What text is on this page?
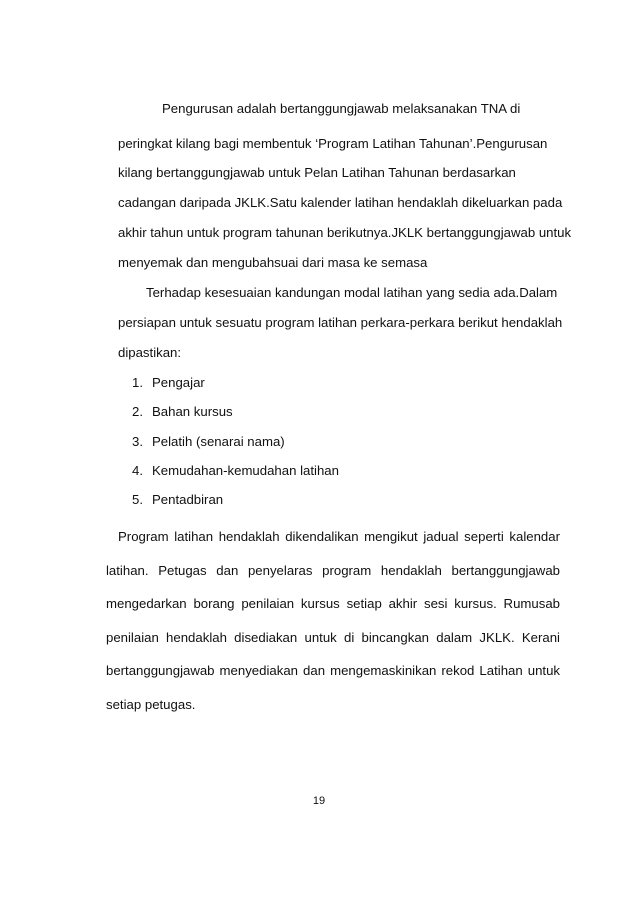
Pengurusan adalah bertanggungjawab melaksanakan TNA di
peringkat kilang bagi membentuk ‘Program Latihan Tahunan’.Pengurusan
kilang bertanggungjawab untuk Pelan Latihan Tahunan berdasarkan
cadangan daripada JKLK.Satu kalender latihan hendaklah dikeluarkan pada
akhir tahun untuk program tahunan berikutnya.JKLK bertanggungjawab untuk
menyemak dan mengubahsuai dari masa ke semasa
Terhadap kesesuaian kandungan modal latihan yang sedia ada.Dalam
persiapan untuk sesuatu program latihan perkara-perkara berikut hendaklah
dipastikan:
1. Pengajar
2. Bahan kursus
3. Pelatih (senarai nama)
4. Kemudahan-kemudahan latihan
5. Pentadbiran
Program latihan hendaklah dikendalikan mengikut jadual seperti kalendar
latihan. Petugas dan penyelaras program hendaklah bertanggungjawab
mengedarkan borang penilaian kursus setiap akhir sesi kursus. Rumusab
penilaian hendaklah disediakan untuk di bincangkan dalam JKLK. Kerani
bertanggungjawab menyediakan dan mengemaskinikan rekod Latihan untuk
setiap petugas.
19
